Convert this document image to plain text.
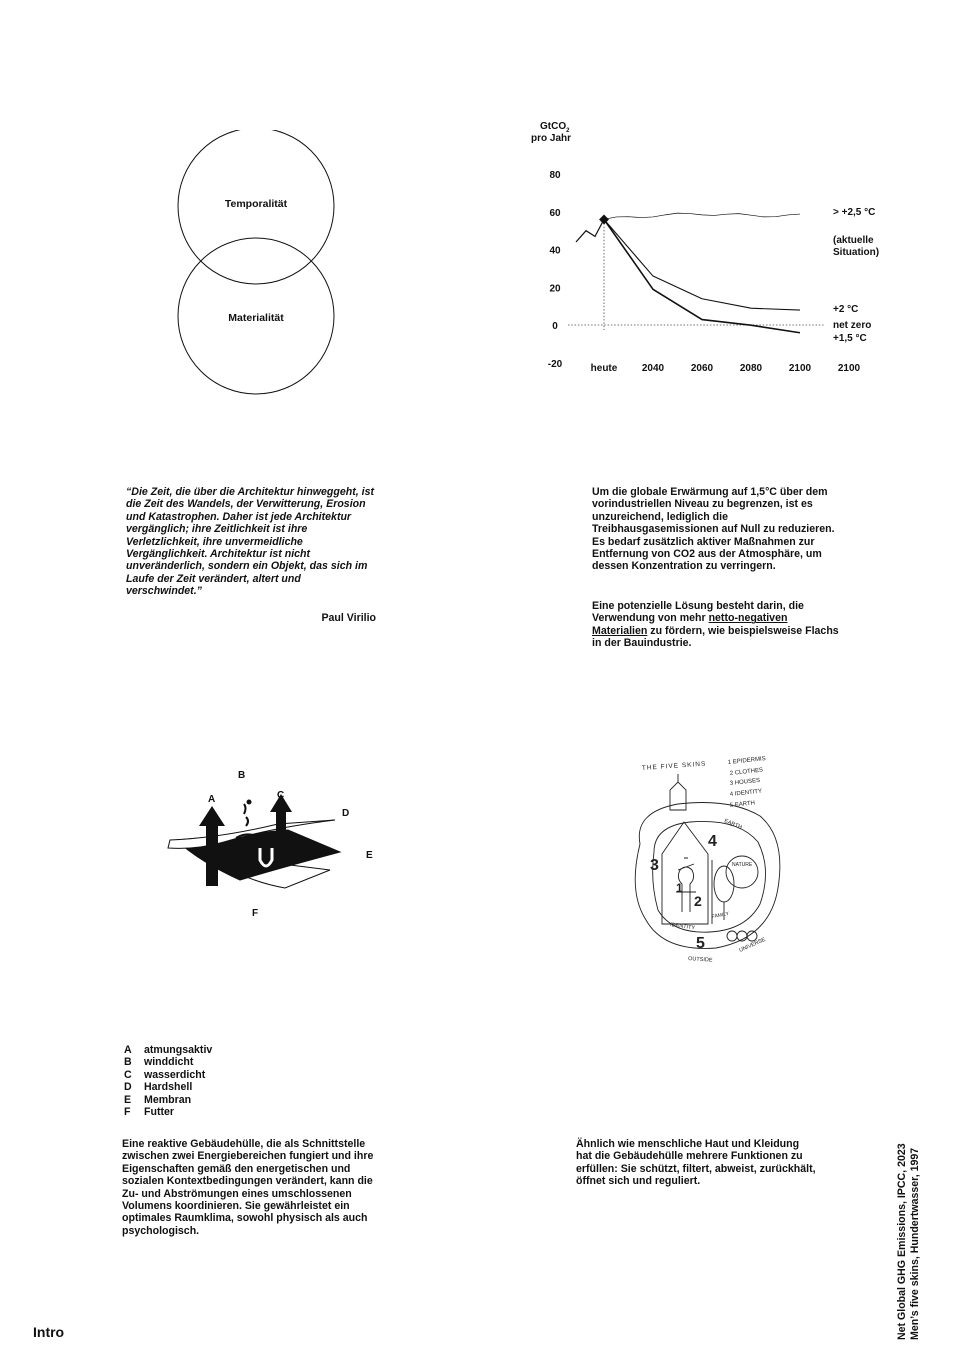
Temporalität
Materialität
GtCO$_2$
pro Jahr
80
60
40
20
0
-20	heute 2040	2060	2080	2100	2100
> +2,5 °C
(aktuelle
Situation)
+2 °C
net zero
+1,5 °C
“Die Zeit, die über die Architektur hinweggeht, ist die Zeit des Wandels, der Verwitterung, Erosion und Katastrophen. Daher ist jede Architektur vergänglich; ihre Zeitlichkeit ist ihre Verletzlichkeit, ihre unvermeidliche Vergänglichkeit. Architektur ist nicht unveränderlich, sondern ein Objekt, das sich im Laufe der Zeit verändert, altert und verschwindet.”
Paul Virilio
Um die globale Erwärmung auf 1,5°C über dem vorindustriellen Niveau zu begrenzen, ist es unzureichend, lediglich die Treibhausgasemissionen auf Null zu reduzieren. Es bedarf zusätzlich aktiver Maßnahmen zur Entfernung von CO2 aus der Atmosphäre, um dessen Konzentration zu verringern.
Eine potenzielle Lösung besteht darin, die Verwendung von mehr netto-negativen Materialien zu fördern, wie beispielsweise Flachs in der Bauindustrie.
A
B
C
D
E
F
THE FIVE SKINS	1 EPIDERMIS
2 CLOTHES
3 HOUSES
4 IDENTITY
5 EARTH
EARTH
IDENTITY
FAMILY
NATURE
OUTSIDE
UNIVERSE
1
2
3
4
5
A	atmungsaktiv
B	winddicht
C	wasserdicht
D	Hardshell
E	Membran
F	Futter
Eine reaktive Gebäudehülle, die als Schnittstelle zwischen zwei Energiebereichen fungiert und ihre Eigenschaften gemäß den energetischen und sozialen Kontextbedingungen verändert, kann die Zu- und Abströmungen eines umschlossenen Volumens koordinieren. Sie gewährleistet ein optimales Raumklima, sowohl physisch als auch psychologisch.
Ähnlich wie menschliche Haut und Kleidung hat die Gebäudehülle mehrere Funktionen zu erfüllen: Sie schützt, filtert, abweist, zurückhält, öffnet sich und reguliert.
Intro	Net Global GHG Emissions, IPCC, 2023 Men’s five skins, Hundertwasser, 1997
